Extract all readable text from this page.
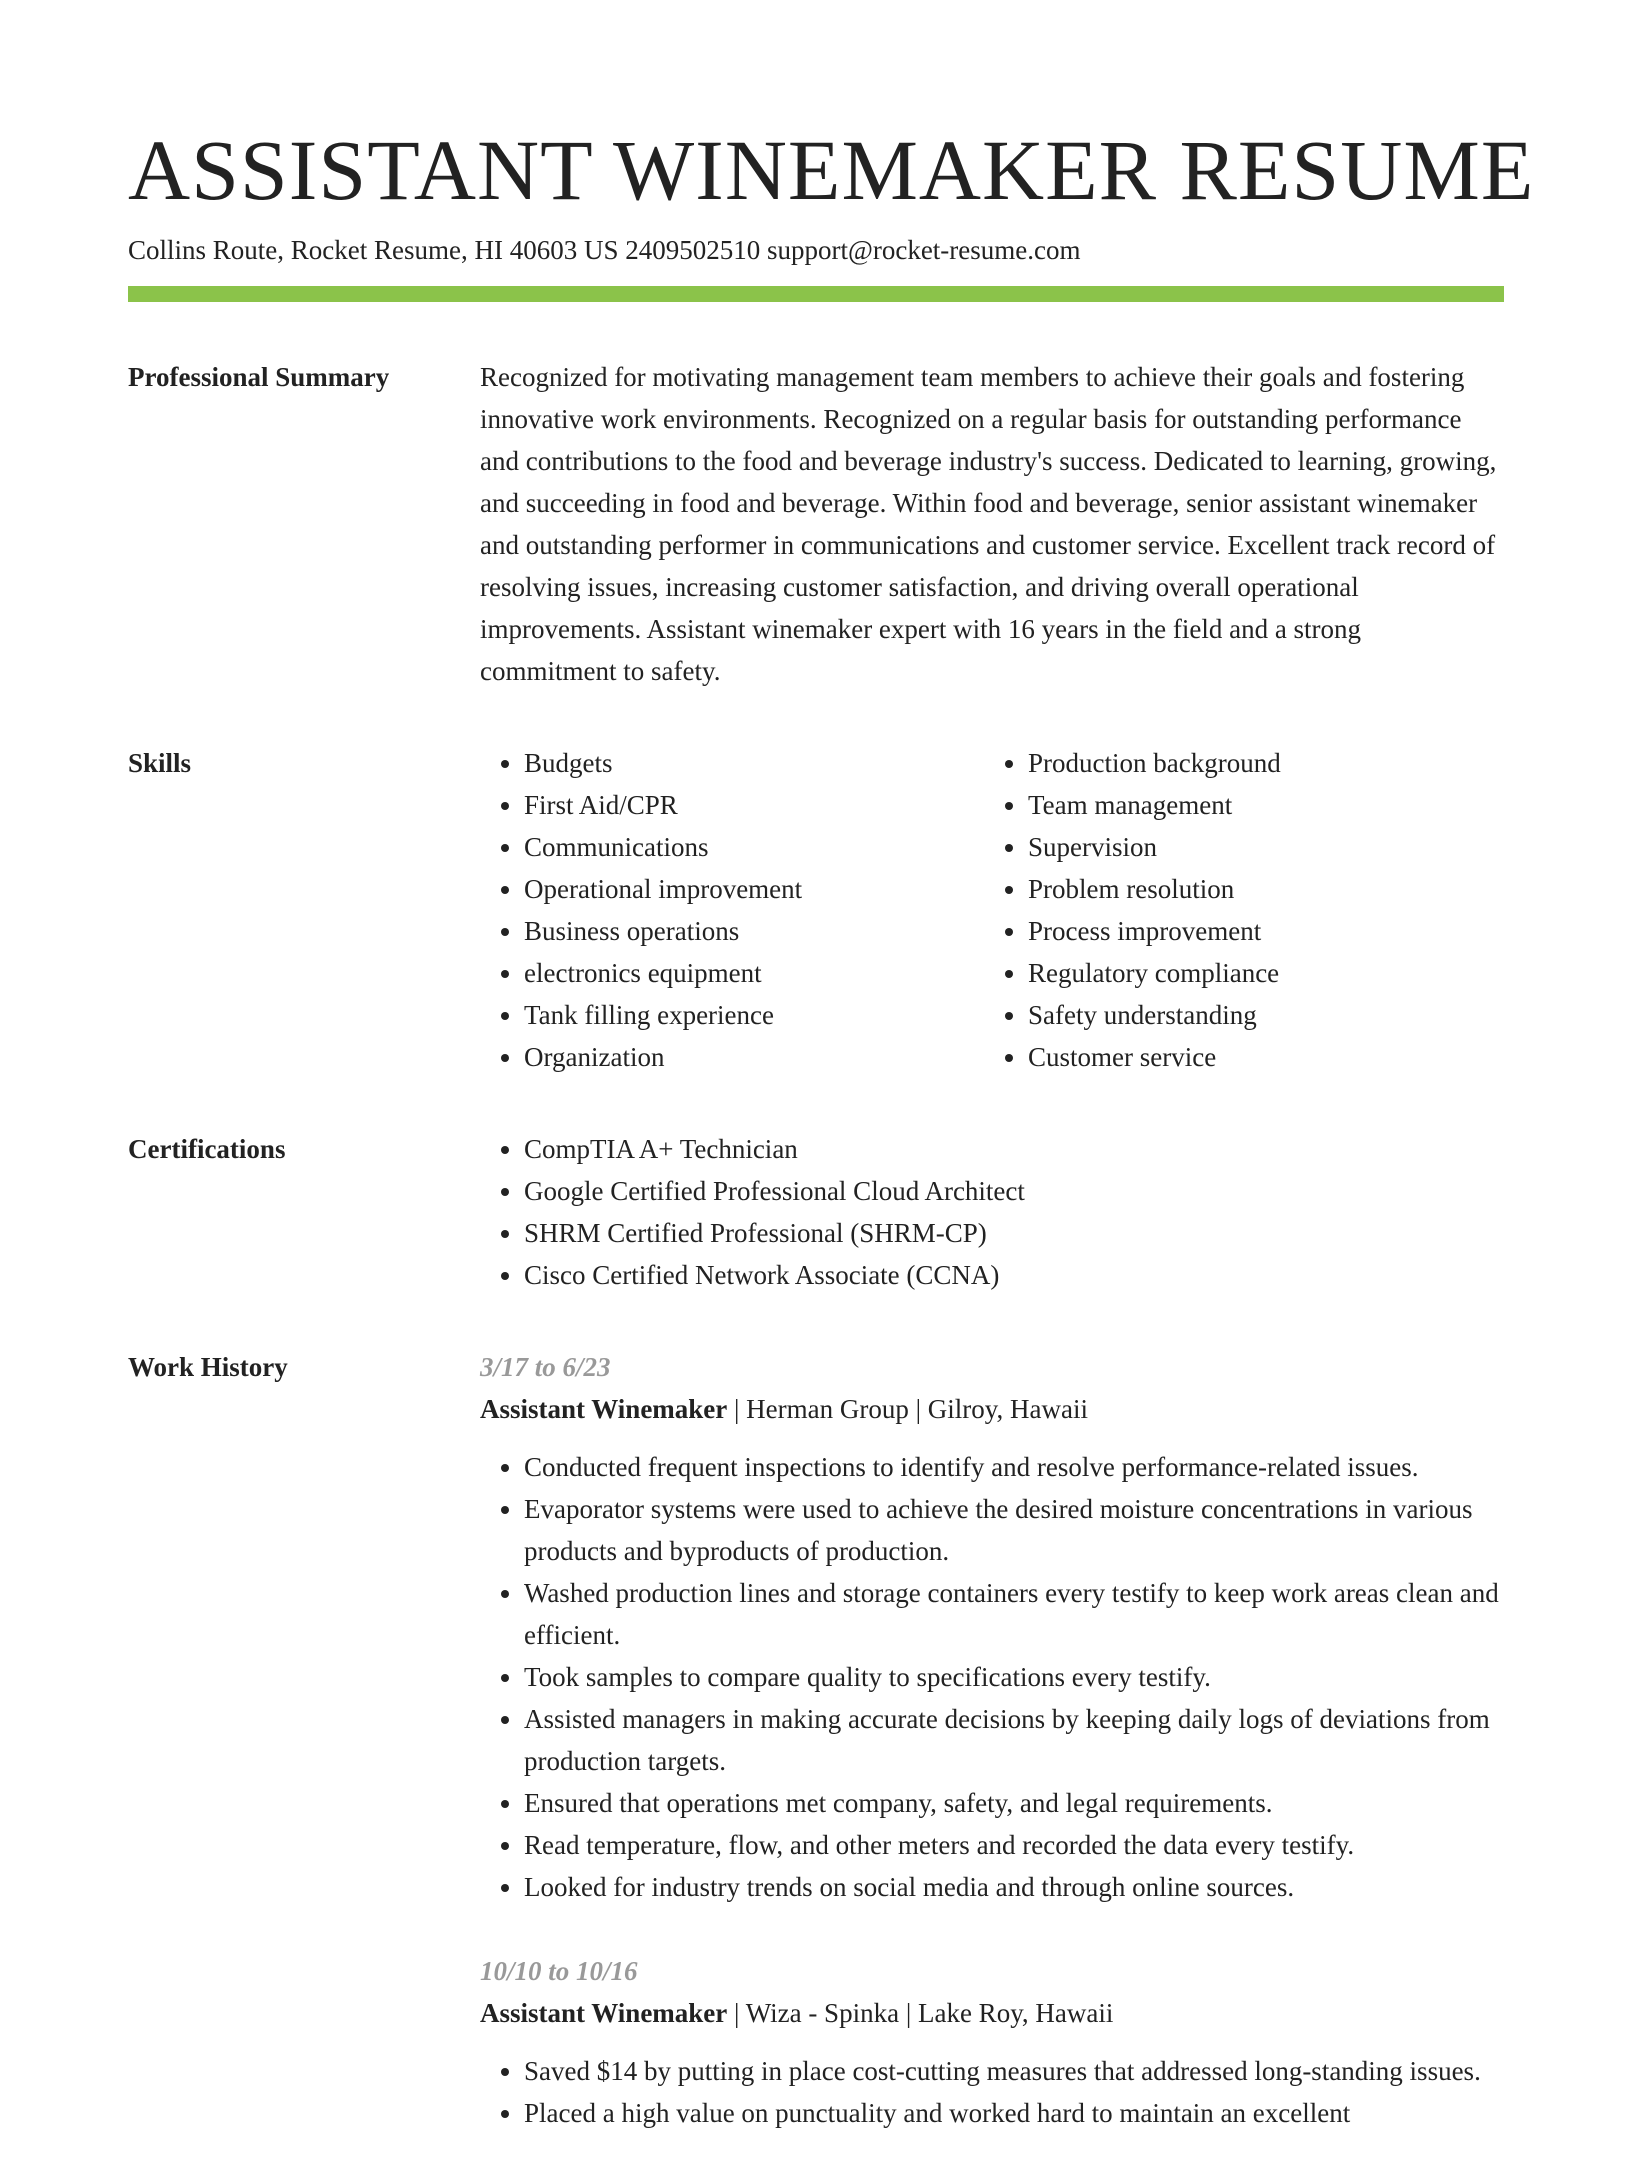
ASSISTANT WINEMAKER RESUME
Collins Route, Rocket Resume, HI 40603 US 2409502510 support@rocket-resume.com
Professional Summary	Recognized for motivating management team members to achieve their goals and fostering innovative work environments. Recognized on a regular basis for outstanding performance and contributions to the food and beverage industry's success. Dedicated to learning, growing, and succeeding in food and beverage. Within food and beverage, senior assistant winemaker and outstanding performer in communications and customer service. Excellent track record of resolving issues, increasing customer satisfaction, and driving overall operational improvements. Assistant winemaker expert with 16 years in the field and a strong commitment to safety.

Skills	• Budgets
• First Aid/CPR
• Communications
• Operational improvement
• Business operations
• electronics equipment
• Tank filling experience
• Organization
• Production background
• Team management
• Supervision
• Problem resolution
• Process improvement
• Regulatory compliance
• Safety understanding
• Customer service
Certifications	• CompTIA A+ Technician
• Google Certified Professional Cloud Architect
• SHRM Certified Professional (SHRM-CP)
• Cisco Certified Network Associate (CCNA)
Work History	3/17 to 6/23
Assistant Winemaker | Herman Group | Gilroy, Hawaii
• Conducted frequent inspections to identify and resolve performance-related issues.
• Evaporator systems were used to achieve the desired moisture concentrations in various products and byproducts of production.
• Washed production lines and storage containers every testify to keep work areas clean and efficient.
• Took samples to compare quality to specifications every testify.
• Assisted managers in making accurate decisions by keeping daily logs of deviations from production targets.
• Ensured that operations met company, safety, and legal requirements.
• Read temperature, flow, and other meters and recorded the data every testify.
• Looked for industry trends on social media and through online sources.
10/10 to 10/16
Assistant Winemaker | Wiza - Spinka | Lake Roy, Hawaii
• Saved $14 by putting in place cost-cutting measures that addressed long-standing issues.
• Placed a high value on punctuality and worked hard to maintain an excellent
